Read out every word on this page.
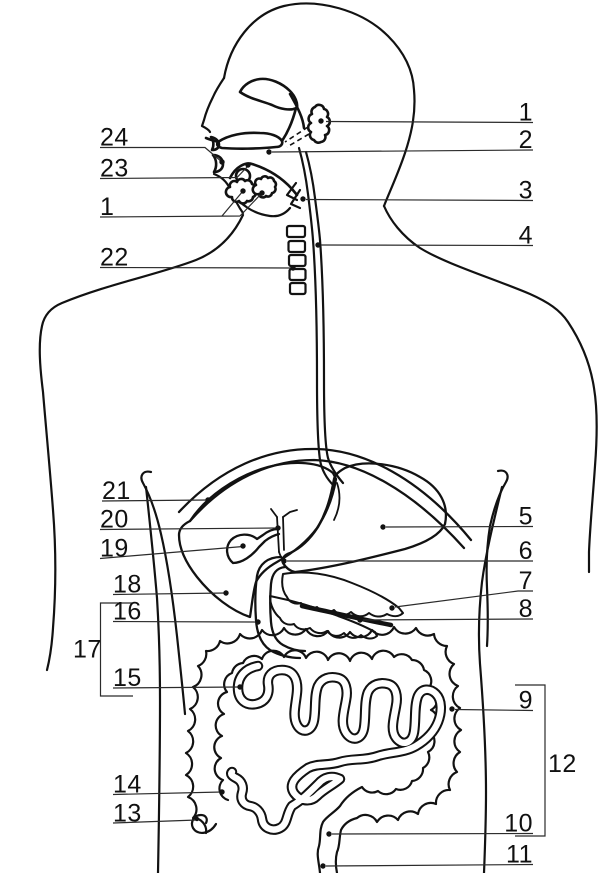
1
2
3
4
5
6
7
8
9
12
10
11
24
23
1
22
21
20
19
18
17
16
15
14
13
